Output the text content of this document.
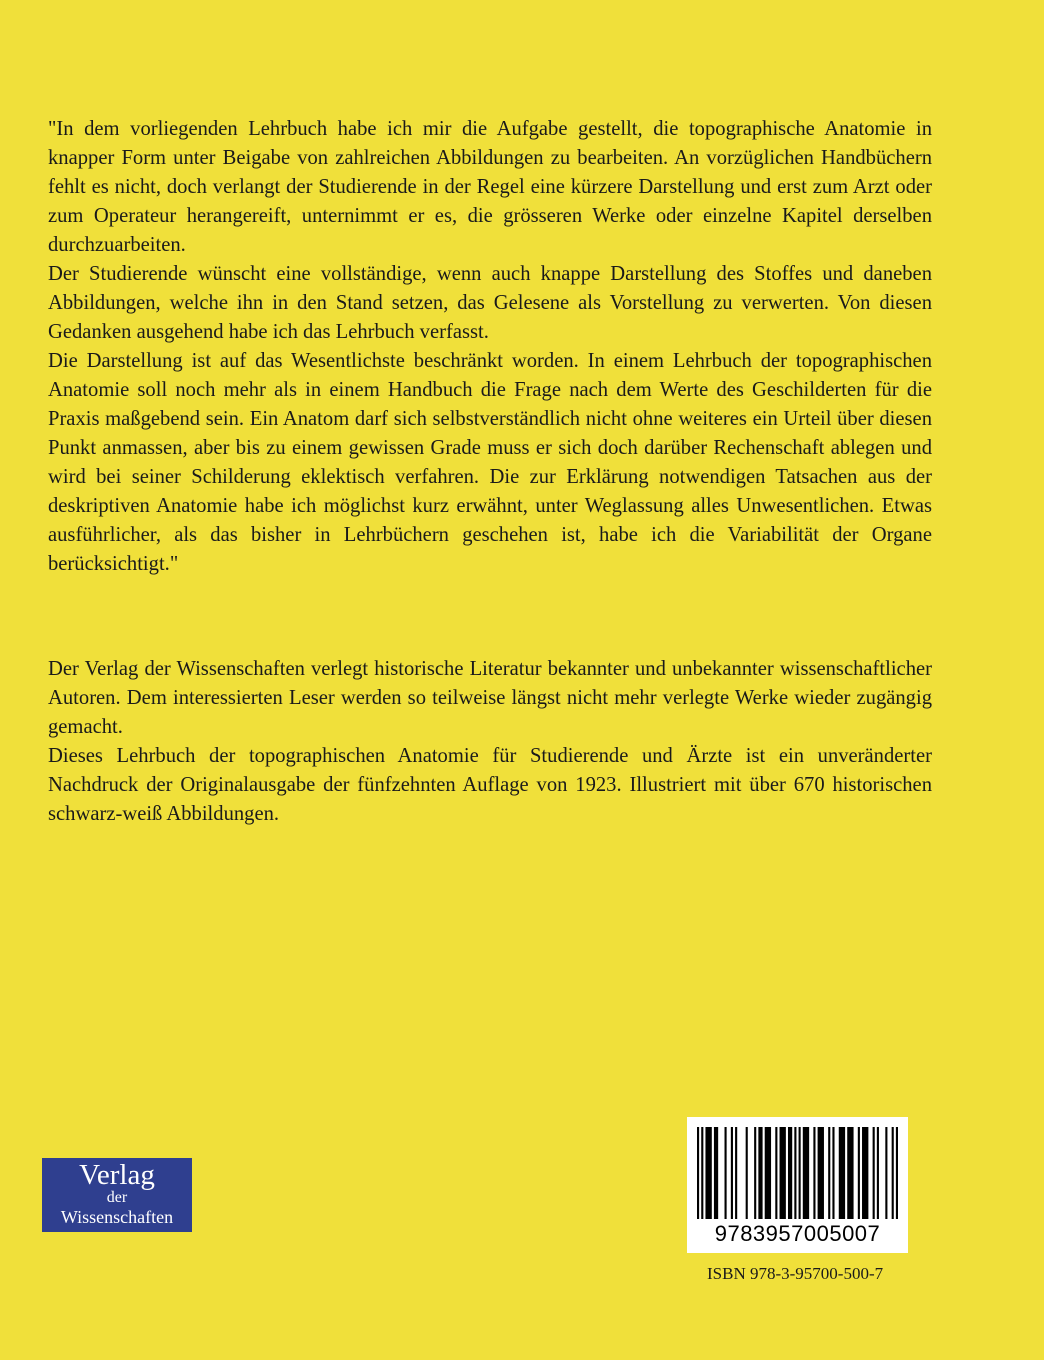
"In dem vorliegenden Lehrbuch habe ich mir die Aufgabe gestellt, die topographische Anatomie in knapper Form unter Beigabe von zahlreichen Abbildungen zu bearbeiten. An vorzüglichen Handbüchern fehlt es nicht, doch verlangt der Studierende in der Regel eine kürzere Darstellung und erst zum Arzt oder zum Operateur herangereift, unternimmt er es, die grösseren Werke oder einzelne Kapitel derselben durchzuarbeiten.

Der Studierende wünscht eine vollständige, wenn auch knappe Darstellung des Stoffes und daneben Abbildungen, welche ihn in den Stand setzen, das Gelesene als Vorstellung zu verwerten. Von diesen Gedanken ausgehend habe ich das Lehrbuch verfasst.

Die Darstellung ist auf das Wesentlichste beschränkt worden. In einem Lehrbuch der topographischen Anatomie soll noch mehr als in einem Handbuch die Frage nach dem Werte des Geschilderten für die Praxis maßgebend sein. Ein Anatom darf sich selbstverständlich nicht ohne weiteres ein Urteil über diesen Punkt anmassen, aber bis zu einem gewissen Grade muss er sich doch darüber Rechenschaft ablegen und wird bei seiner Schilderung eklektisch verfahren. Die zur Erklärung notwendigen Tatsachen aus der deskriptiven Anatomie habe ich möglichst kurz erwähnt, unter Weglassung alles Unwesentlichen. Etwas ausführlicher, als das bisher in Lehrbüchern geschehen ist, habe ich die Variabilität der Organe berücksichtigt."

Der Verlag der Wissenschaften verlegt historische Literatur bekannter und unbekannter wissenschaftlicher Autoren. Dem interessierten Leser werden so teilweise längst nicht mehr verlegte Werke wieder zugängig gemacht.

Dieses Lehrbuch der topographischen Anatomie für Studierende und Ärzte ist ein unveränderter Nachdruck der Originalausgabe der fünfzehnten Auflage von 1923. Illustriert mit über 670 historischen schwarz-weiß Abbildungen.

Verlag
der
Wissenschaften
9783957005007
ISBN 978-3-95700-500-7
